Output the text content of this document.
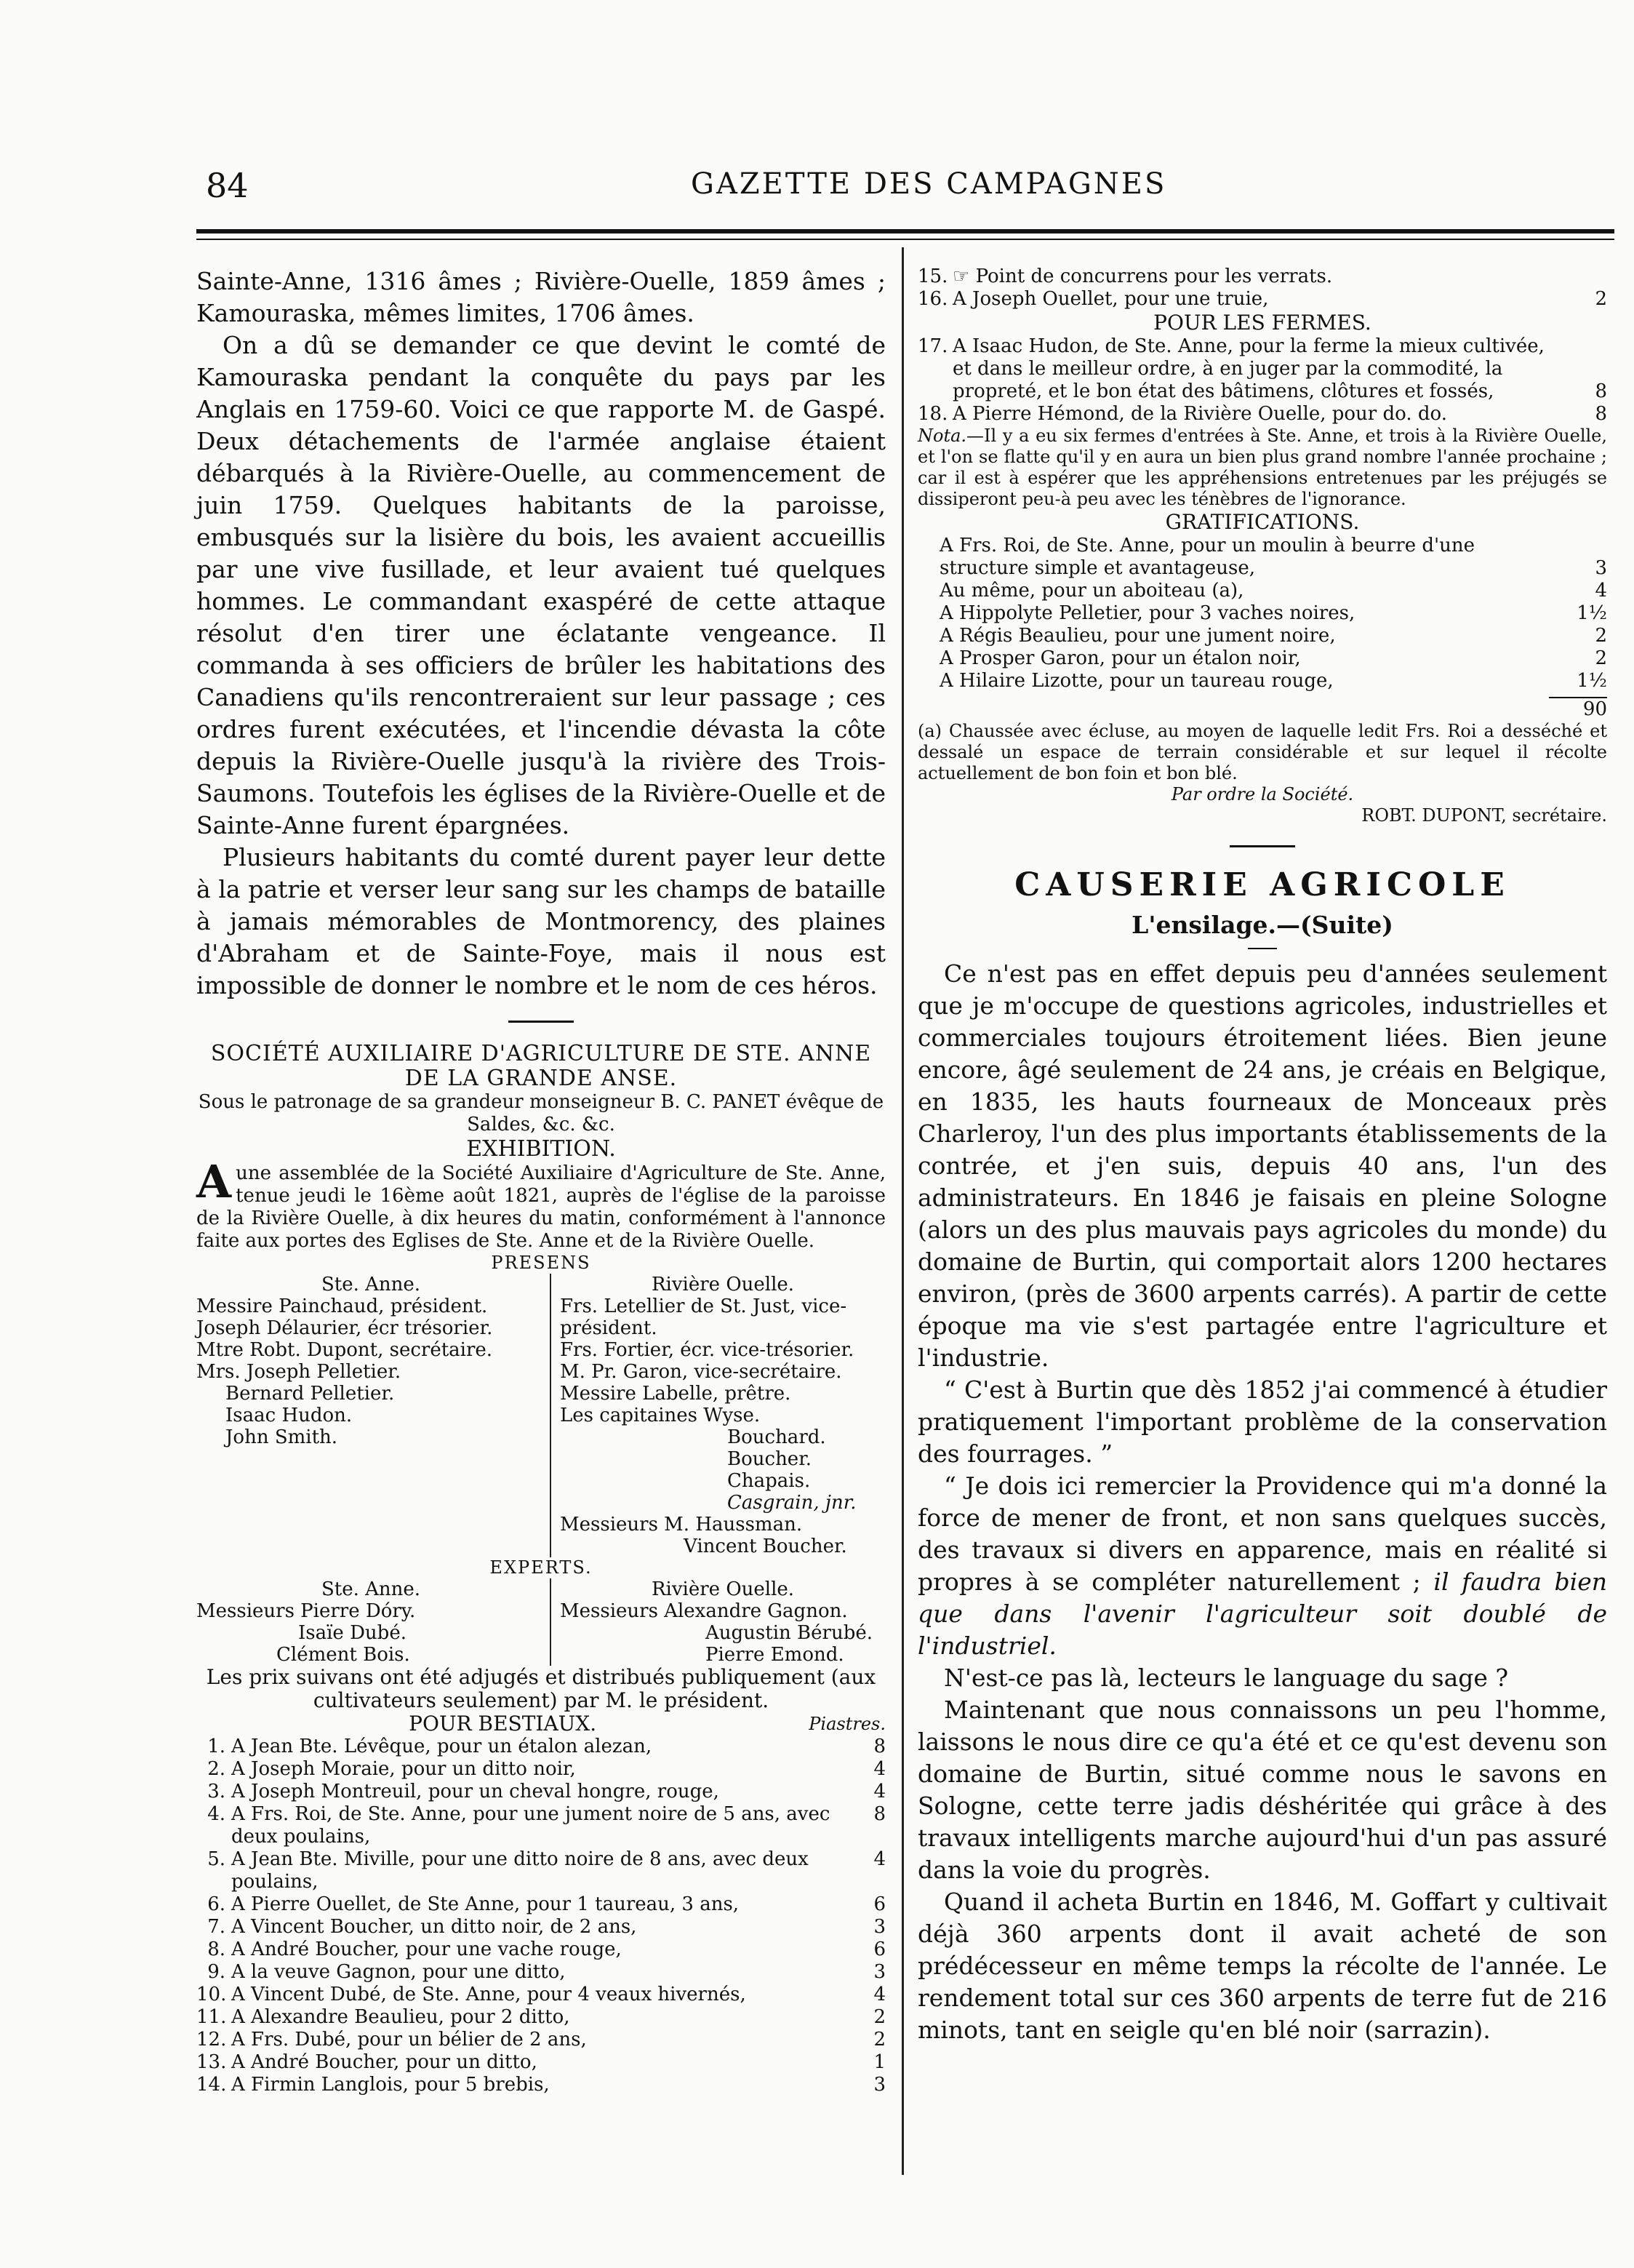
84	GAZETTE DES CAMPAGNES

Sainte-Anne, 1316 âmes ; Rivière-Ouelle, 1859 âmes ; Kamouraska, mêmes limites, 1706 âmes.

On a dû se demander ce que devint le comté de Kamouraska pendant la conquête du pays par les Anglais en 1759-60. Voici ce que rapporte M. de Gaspé. Deux détachements de l'armée anglaise étaient débarqués à la Rivière-Ouelle, au commencement de juin 1759. Quelques habitants de la paroisse, embusqués sur la lisière du bois, les avaient accueillis par une vive fusillade, et leur avaient tué quelques hommes. Le commandant exaspéré de cette attaque résolut d'en tirer une éclatante vengeance. Il commanda à ses officiers de brûler les habitations des Canadiens qu'ils rencontreraient sur leur passage ; ces ordres furent exécutées, et l'incendie dévasta la côte depuis la Rivière-Ouelle jusqu'à la rivière des Trois-Saumons. Toutefois les églises de la Rivière-Ouelle et de Sainte-Anne furent épargnées.

Plusieurs habitants du comté durent payer leur dette à la patrie et verser leur sang sur les champs de bataille à jamais mémorables de Montmorency, des plaines d'Abraham et de Sainte-Foye, mais il nous est impossible de donner le nombre et le nom de ces héros.

SOCIÉTÉ AUXILIAIRE D'AGRICULTURE DE STE. ANNE DE LA GRANDE ANSE.

Sous le patronage de sa grandeur monseigneur B. C. PANET évêque de Saldes, &c. &c.

EXHIBITION.

Aune assemblée de la Société Auxiliaire d'Agriculture de Ste. Anne, tenue jeudi le 16ème août 1821, auprès de l'église de la paroisse de la Rivière Ouelle, à dix heures du matin, conformément à l'annonce faite aux portes des Eglises de Ste. Anne et de la Rivière Ouelle.

PRESENS

Ste. Anne.
Messire Painchaud, président.
Joseph Délaurier, écr trésorier.
Mtre Robt. Dupont, secrétaire.
Mrs. Joseph Pelletier.
Bernard Pelletier.
Isaac Hudon.
John Smith.
Rivière Ouelle.
Frs. Letellier de St. Just, vice-président.
Frs. Fortier, écr. vice-trésorier.
M. Pr. Garon, vice-secrétaire.
Messire Labelle, prêtre.
Les capitaines Wyse.
Bouchard.
Boucher.
Chapais.
Casgrain, jnr.
Messieurs M. Haussman.
Vincent Boucher.

EXPERTS.

Ste. Anne.
Messieurs Pierre Dóry.
Isaïe Dubé.
Clément Bois.
Rivière Ouelle.
Messieurs Alexandre Gagnon.
Augustin Bérubé.
Pierre Emond.

Les prix suivans ont été adjugés et distribués publiquement (aux cultivateurs seulement) par M. le président.

POUR BESTIAUX.	Piastres.
1. A Jean Bte. Lévêque, pour un étalon alezan,	8
2. A Joseph Moraie, pour un ditto noir,	4
3. A Joseph Montreuil, pour un cheval hongre, rouge,	4
4. A Frs. Roi, de Ste. Anne, pour une jument noire de 5 ans, avec deux poulains,
8
5. A Jean Bte. Miville, pour une ditto noire de 8 ans, avec deux poulains,
4
6. A Pierre Ouellet, de Ste Anne, pour 1 taureau, 3 ans,	6
7. A Vincent Boucher, un ditto noir, de 2 ans,	3
8. A André Boucher, pour une vache rouge,	6
9. A la veuve Gagnon, pour une ditto,	3
10. A Vincent Dubé, de Ste. Anne, pour 4 veaux hivernés,	4
11. A Alexandre Beaulieu, pour 2 ditto,	2
12. A Frs. Dubé, pour un bélier de 2 ans,	2
13. A André Boucher, pour un ditto,	1
14. A Firmin Langlois, pour 5 brebis,	3
15. ☞ Point de concurrens pour les verrats.
16. A Joseph Ouellet, pour une truie,	2
POUR LES FERMES.
17. A Isaac Hudon, de Ste. Anne, pour la ferme la mieux cultivée, et dans le meilleur ordre, à en juger par la commodité, la propreté, et le bon état des bâtimens, clôtures et fossés,	8
18. A Pierre Hémond, de la Rivière Ouelle, pour do. do.	8

Nota.—Il y a eu six fermes d'entrées à Ste. Anne, et trois à la Rivière Ouelle, et l'on se flatte qu'il y en aura un bien plus grand nombre l'année prochaine ; car il est à espérer que les appréhensions entretenues par les préjugés se dissiperont peu-à peu avec les ténèbres de l'ignorance.

GRATIFICATIONS.
A Frs. Roi, de Ste. Anne, pour un moulin à beurre d'une structure simple et avantageuse,	3
Au même, pour un aboiteau (a),	4
A Hippolyte Pelletier, pour 3 vaches noires,	1½
A Régis Beaulieu, pour une jument noire,	2
A Prosper Garon, pour un étalon noir,	2
A Hilaire Lizotte, pour un taureau rouge,	1½
90

(a) Chaussée avec écluse, au moyen de laquelle ledit Frs. Roi a desséché et dessalé un espace de terrain considérable et sur lequel il récolte actuellement de bon foin et bon blé.

Par ordre la Société.

ROBT. DUPONT, secrétaire.

CAUSERIE AGRICOLE
L'ensilage.—(Suite)

Ce n'est pas en effet depuis peu d'années seulement que je m'occupe de questions agricoles, industrielles et commerciales toujours étroitement liées. Bien jeune encore, âgé seulement de 24 ans, je créais en Belgique, en 1835, les hauts fourneaux de Monceaux près Charleroy, l'un des plus importants établissements de la contrée, et j'en suis, depuis 40 ans, l'un des administrateurs. En 1846 je faisais en pleine Sologne (alors un des plus mauvais pays agricoles du monde) du domaine de Burtin, qui comportait alors 1200 hectares environ, (près de 3600 arpents carrés). A partir de cette époque ma vie s'est partagée entre l'agriculture et l'industrie.

“ C'est à Burtin que dès 1852 j'ai commencé à étudier pratiquement l'important problème de la conservation des fourrages. ”

“ Je dois ici remercier la Providence qui m'a donné la force de mener de front, et non sans quelques succès, des travaux si divers en apparence, mais en réalité si propres à se compléter naturellement ; il faudra bien que dans l'avenir l'agriculteur soit doublé de l'industriel.

N'est-ce pas là, lecteurs le language du sage ?

Maintenant que nous connaissons un peu l'homme, laissons le nous dire ce qu'a été et ce qu'est devenu son domaine de Burtin, situé comme nous le savons en Sologne, cette terre jadis déshéritée qui grâce à des travaux intelligents marche aujourd'hui d'un pas assuré dans la voie du progrès.

Quand il acheta Burtin en 1846, M. Goffart y cultivait déjà 360 arpents dont il avait acheté de son prédécesseur en même temps la récolte de l'année. Le rendement total sur ces 360 arpents de terre fut de 216 minots, tant en seigle qu'en blé noir (sarrazin).
